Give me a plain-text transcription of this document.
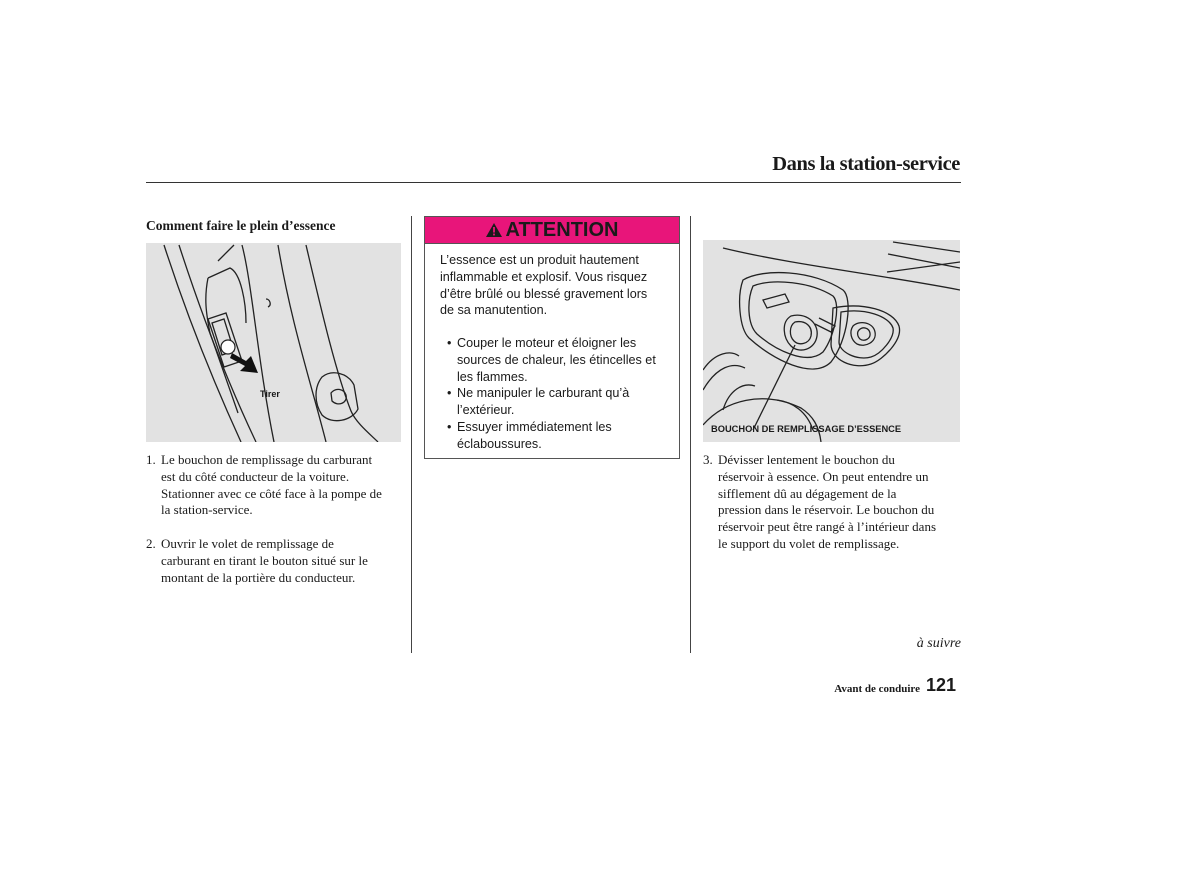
Dans la station-service
Comment faire le plein d’essence
Tirer
ATTENTION
L’essence est un produit hautement
inflammable et explosif. Vous risquez
d’être brûlé ou blessé gravement lors
de sa manutention.
• Couper le moteur et éloigner les
sources de chaleur, les étincelles et
les flammes.
• Ne manipuler le carburant qu’à
l’extérieur.
• Essuyer immédiatement les
éclaboussures.
BOUCHON DE REMPLISSAGE D’ESSENCE
1. Le bouchon de remplissage du carburant
est du côté conducteur de la voiture.
Stationner avec ce côté face à la pompe de
la station-service.
2. Ouvrir le volet de remplissage de
carburant en tirant le bouton situé sur le
montant de la portière du conducteur.
3. Dévisser lentement le bouchon du
réservoir à essence. On peut entendre un
sifflement dû au dégagement de la
pression dans le réservoir. Le bouchon du
réservoir peut être rangé à l’intérieur dans
le support du volet de remplissage.
à suivre
Avant de conduire 121
